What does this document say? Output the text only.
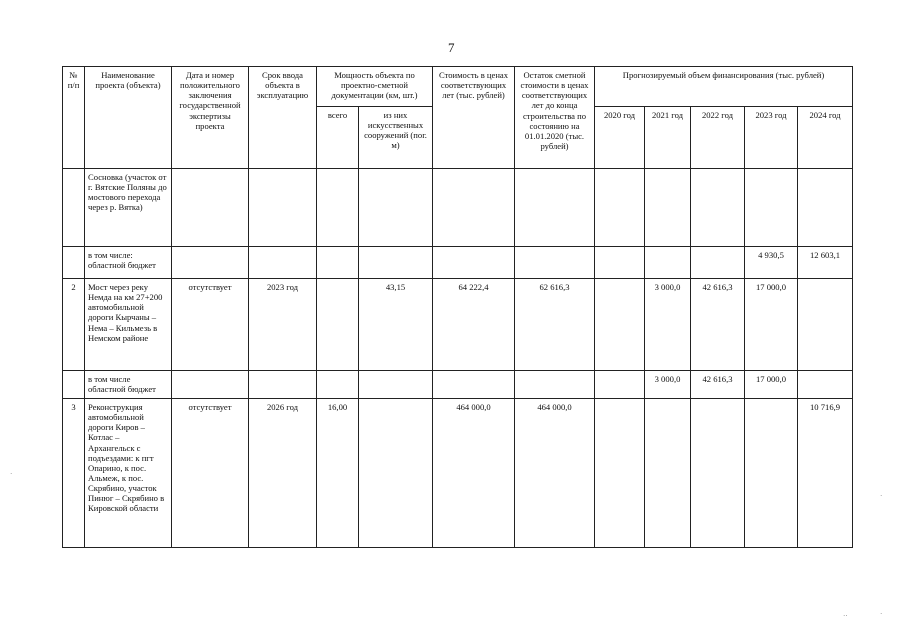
7
№ п/п	Наименование проекта (объекта)	Дата и номер положительного заключения государственной экспертизы проекта	Срок ввода объекта в эксплуатацию	Мощность объекта по проектно-сметной документации (км, шт.)		Стоимость в ценах соответствующих лет (тыс. рублей)	Остаток сметной стоимости в ценах соответствующих лет до конца строительства по состоянию на 01.01.2020 (тыс. рублей)	Прогнозируемый объем финансирования (тыс. рублей)				
				всего	из них искусственных сооружений (пог. м)			2020 год	2021 год	2022 год	2023 год	2024 год
	Сосновка (участок от г. Вятские Поляны до мостового перехода через р. Вятка)											
	в том числе: областной бюджет										4 930,5	12 603,1
2	Мост через реку Немда на км 27+200 автомобильной дороги Кырчаны – Нема – Кильмезь в Немском районе	отсутствует	2023 год		43,15	64 222,4	62 616,3		3 000,0	42 616,3	17 000,0	
	в том числе областной бюджет								3 000,0	42 616,3	17 000,0	
3	Реконструкция автомобильной дороги Киров – Котлас – Архангельск с подъездами: к пгт Опарино, к пос. Альмеж, к пос. Скрябино, участок Пинюг – Скрябино в Кировской области	отсутствует	2026 год	16,00		464 000,0	464 000,0					10 716,9
·
·
··	·
